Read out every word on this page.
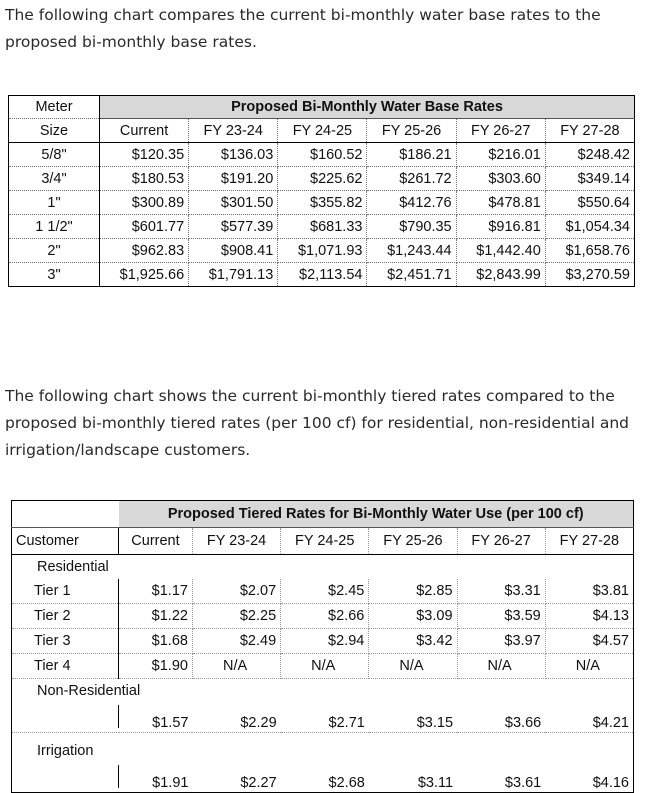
The following chart compares the current bi-monthly water base rates to the proposed bi-monthly base rates.

Meter	Proposed Bi-Monthly Water Base Rates					
Size	Current	FY 23-24	FY 24-25	FY 25-26	FY 26-27	FY 27-28
5/8"	$120.35	$136.03	$160.52	$186.21	$216.01	$248.42
3/4"	$180.53	$191.20	$225.62	$261.72	$303.60	$349.14
1"	$300.89	$301.50	$355.82	$412.76	$478.81	$550.64
1 1/2"	$601.77	$577.39	$681.33	$790.35	$916.81	$1,054.34
2"	$962.83	$908.41	$1,071.93	$1,243.44	$1,442.40	$1,658.76
3"	$1,925.66	$1,791.13	$2,113.54	$2,451.71	$2,843.99	$3,270.59

The following chart shows the current bi-monthly tiered rates compared to the proposed bi-monthly tiered rates (per 100 cf) for residential, non-residential and irrigation/landscape customers.

	Proposed Tiered Rates for Bi-Monthly Water Use (per 100 cf)					
Customer	Current	FY 23-24	FY 24-25	FY 25-26	FY 26-27	FY 27-28
Residential						
Tier 1	$1.17	$2.07	$2.45	$2.85	$3.31	$3.81
Tier 2	$1.22	$2.25	$2.66	$3.09	$3.59	$4.13
Tier 3	$1.68	$2.49	$2.94	$3.42	$3.97	$4.57
Tier 4	$1.90	N/A	N/A	N/A	N/A	N/A
Non-Residential						

	$1.57	$2.29	$2.71	$3.15	$3.66	$4.21

Irrigation						

	$1.91	$2.27	$2.68	$3.11	$3.61	$4.16
